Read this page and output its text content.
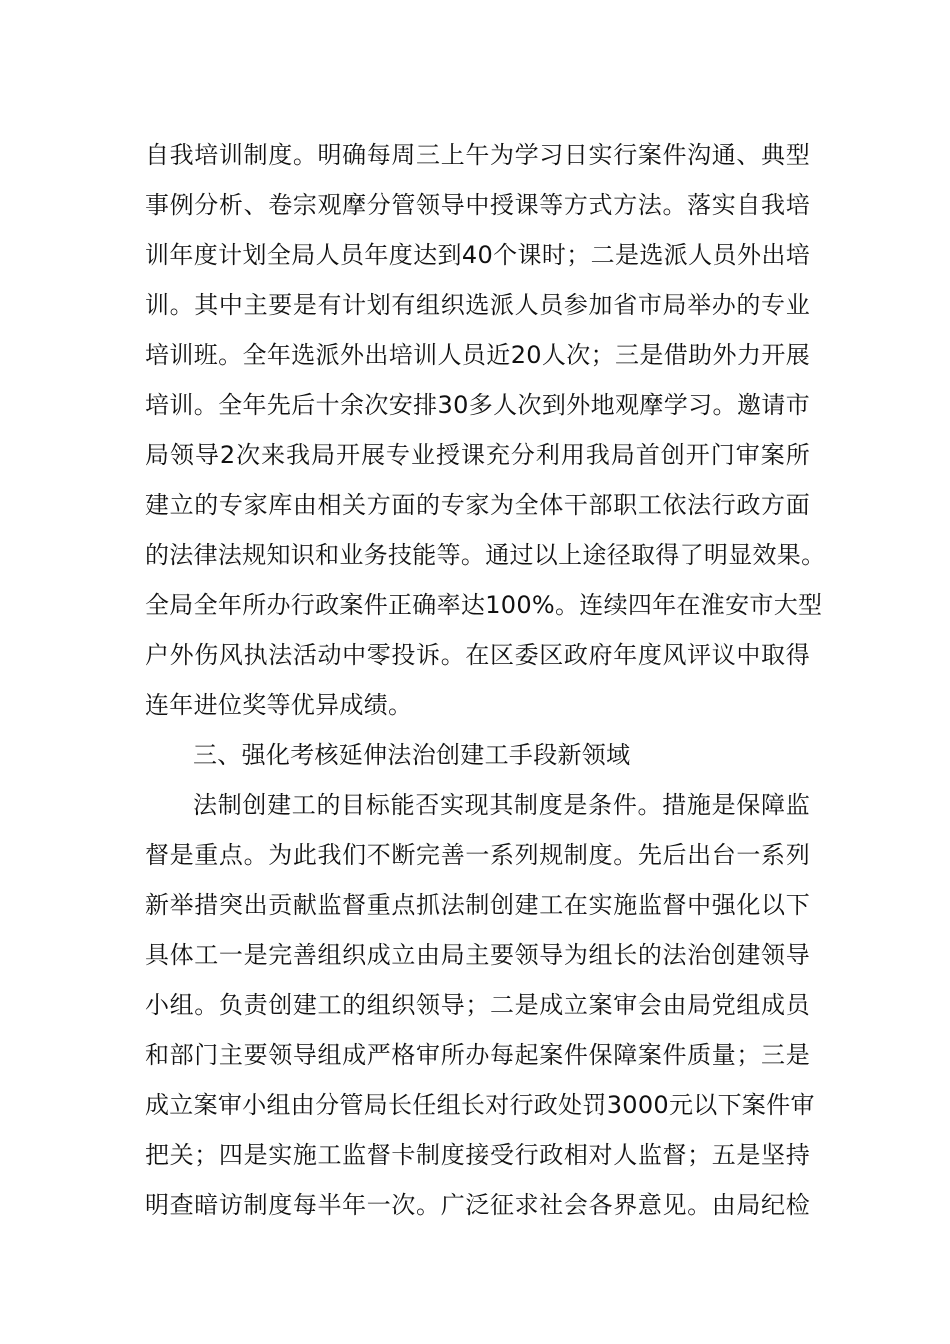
自我培训制度。明确每周三上午为学习日实行案件沟通、典型
事例分析、卷宗观摩分管领导中授课等方式方法。落实自我培
训年度计划全局人员年度达到40个课时；二是选派人员外出培
训。其中主要是有计划有组织选派人员参加省市局举办的专业
培训班。全年选派外出培训人员近20人次；三是借助外力开展
培训。全年先后十余次安排30多人次到外地观摩学习。邀请市
局领导2次来我局开展专业授课充分利用我局首创开门审案所
建立的专家库由相关方面的专家为全体干部职工依法行政方面
的法律法规知识和业务技能等。通过以上途径取得了明显效果。
全局全年所办行政案件正确率达100%。连续四年在淮安市大型
户外伤风执法活动中零投诉。在区委区政府年度风评议中取得
连年进位奖等优异成绩。
三、强化考核延伸法治创建工手段新领域
法制创建工的目标能否实现其制度是条件。措施是保障监
督是重点。为此我们不断完善一系列规制度。先后出台一系列
新举措突出贡献监督重点抓法制创建工在实施监督中强化以下
具体工一是完善组织成立由局主要领导为组长的法治创建领导
小组。负责创建工的组织领导；二是成立案审会由局党组成员
和部门主要领导组成严格审所办每起案件保障案件质量；三是
成立案审小组由分管局长任组长对行政处罚3000元以下案件审
把关；四是实施工监督卡制度接受行政相对人监督；五是坚持
明查暗访制度每半年一次。广泛征求社会各界意见。由局纪检
